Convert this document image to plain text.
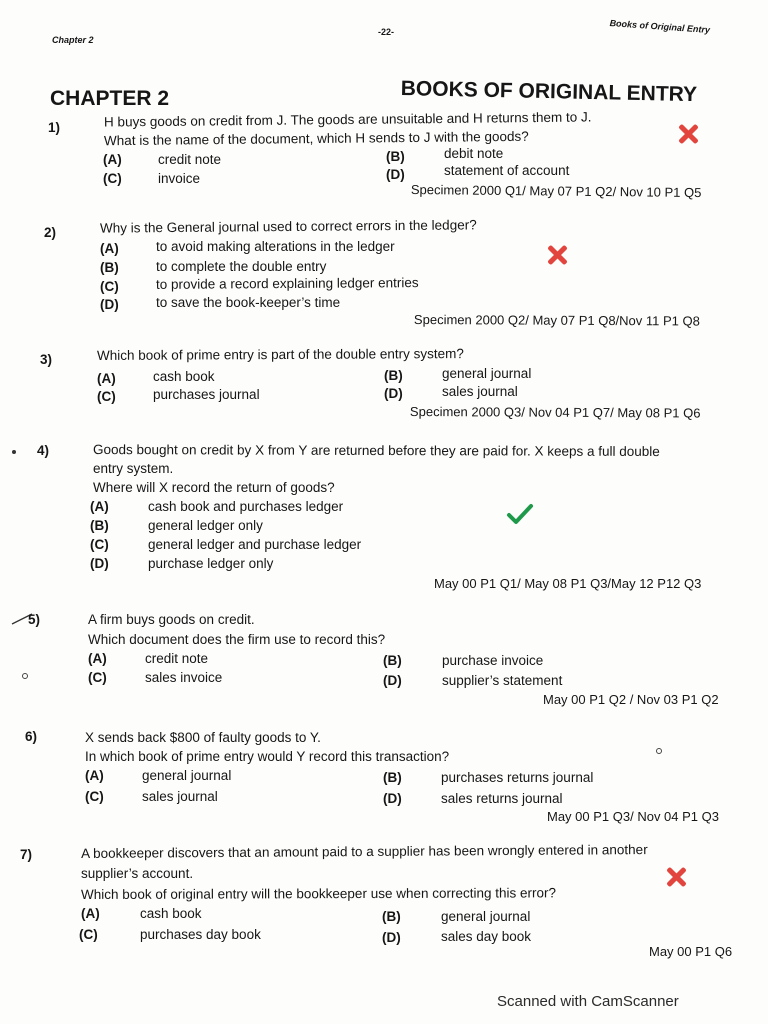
Chapter 2
-22-	Books of Original Entry
CHAPTER 2	BOOKS OF ORIGINAL ENTRY
1)	H buys goods on credit from J. The goods are unsuitable and H returns them to J.
What is the name of the document, which H sends to J with the goods?
(A)	credit note	(B)	debit note
(C)	invoice	(D)	statement of account
Specimen 2000 Q1/ May 07 P1 Q2/ Nov 10 P1 Q5
2)	Why is the General journal used to correct errors in the ledger?
(A)	to avoid making alterations in the ledger
(B)	to complete the double entry
(C)	to provide a record explaining ledger entries
(D)	to save the book-keeper’s time
Specimen 2000 Q2/ May 07 P1 Q8/Nov 11 P1 Q8
3)	Which book of prime entry is part of the double entry system?
(A)	cash book	(B)	general journal
(C)	purchases journal	(D)	sales journal
Specimen 2000 Q3/ Nov 04 P1 Q7/ May 08 P1 Q6
4)	Goods bought on credit by X from Y are returned before they are paid for. X keeps a full double
entry system.
Where will X record the return of goods?
(A)	cash book and purchases ledger
(B)	general ledger only
(C)	general ledger and purchase ledger
(D)	purchase ledger only
May 00 P1 Q1/ May 08 P1 Q3/May 12 P12 Q3
5)	A firm buys goods on credit.
Which document does the firm use to record this?
(A)	credit note	(B)	purchase invoice
(C)	sales invoice	(D)	supplier’s statement
May 00 P1 Q2 / Nov 03 P1 Q2
6)	X sends back $800 of faulty goods to Y.
In which book of prime entry would Y record this transaction?
(A)	general journal	(B)	purchases returns journal
(C)	sales journal	(D)	sales returns journal
May 00 P1 Q3/ Nov 04 P1 Q3
7)	A bookkeeper discovers that an amount paid to a supplier has been wrongly entered in another
supplier’s account.
Which book of original entry will the bookkeeper use when correcting this error?
(A)	cash book	(B)	general journal
(C)	purchases day book	(D)	sales day book
May 00 P1 Q6
Scanned with CamScanner
